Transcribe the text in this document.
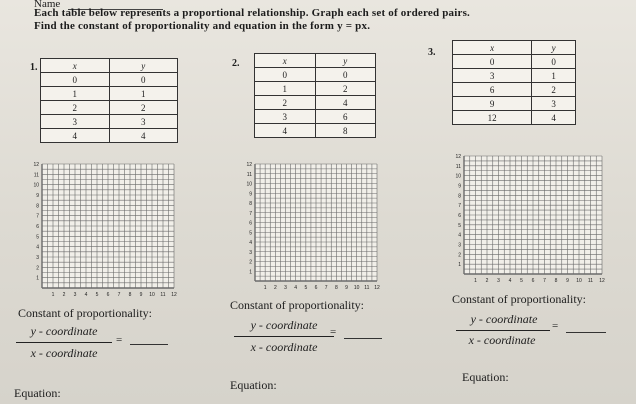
Name
Each table below represents a proportional relationship. Graph each set of ordered pairs.
Find the constant of proportionality and equation in the form y = px.
1.	x	y
0	0
1	1
2	2
3	3
4	4
2.	x	y
0	0
1	2
2	4
3	6
4	8
3.	x	y
0	0
3	1
6	2
9	3
12	4
1 2 3 4 5 6 7 8 9 10 11 12
1
2
3
4
5
6
7
8
9
10
11
12
1 2 3 4 5 6 7 8 9 10 11 12
1
2
3
4
5
6
7
8
9
10
11
12
1 2 3 4 5 6 7 8 9 10 11 12
1
2
3
4
5
6
7
8
9
10
11
12
Constant of proportionality:
y - coordinate
x - coordinate
=
Equation:
Constant of proportionality:
y - coordinate
x - coordinate
=
Equation:
Constant of proportionality:
y - coordinate
x - coordinate
=
Equation:
